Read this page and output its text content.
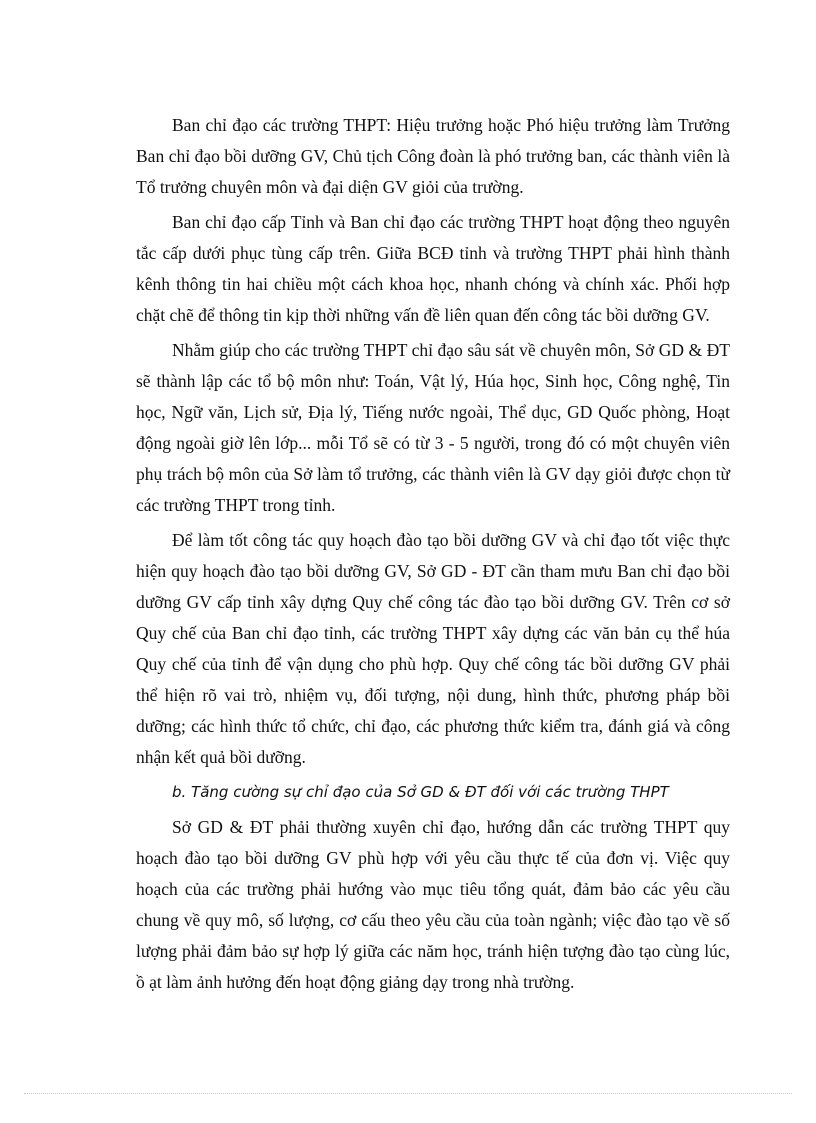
Ban chỉ đạo các trường THPT: Hiệu trưởng hoặc Phó hiệu trưởng làm Trưởng Ban chỉ đạo bồi dưỡng GV, Chủ tịch Công đoàn là phó trưởng ban, các thành viên là Tổ trưởng chuyên môn và đại diện GV giỏi của trường.

Ban chỉ đạo cấp Tỉnh và Ban chỉ đạo các trường THPT hoạt động theo nguyên tắc cấp dưới phục tùng cấp trên. Giữa BCĐ tỉnh và trường THPT phải hình thành kênh thông tin hai chiều một cách khoa học, nhanh chóng và chính xác. Phối hợp chặt chẽ để thông tin kịp thời những vấn đề liên quan đến công tác bồi dưỡng GV.

Nhằm giúp cho các trường THPT chỉ đạo sâu sát về chuyên môn, Sở GD & ĐT sẽ thành lập các tổ bộ môn như: Toán, Vật lý, Húa học, Sinh học, Công nghệ, Tin học, Ngữ văn, Lịch sử, Địa lý, Tiếng nước ngoài, Thể dục, GD Quốc phòng, Hoạt động ngoài giờ lên lớp... mỗi Tổ sẽ có từ 3 - 5 người, trong đó có một chuyên viên phụ trách bộ môn của Sở làm tổ trưởng, các thành viên là GV dạy giỏi được chọn từ các trường THPT trong tỉnh.

Để làm tốt công tác quy hoạch đào tạo bồi dưỡng GV và chỉ đạo tốt việc thực hiện quy hoạch đào tạo bồi dưỡng GV, Sở GD - ĐT cần tham mưu Ban chỉ đạo bồi dưỡng GV cấp tỉnh xây dựng Quy chế công tác đào tạo bồi dưỡng GV. Trên cơ sở Quy chế của Ban chỉ đạo tỉnh, các trường THPT xây dựng các văn bản cụ thể húa Quy chế của tỉnh để vận dụng cho phù hợp. Quy chế công tác bồi dưỡng GV phải thể hiện rõ vai trò, nhiệm vụ, đối tượng, nội dung, hình thức, phương pháp bồi dưỡng; các hình thức tổ chức, chỉ đạo, các phương thức kiểm tra, đánh giá và công nhận kết quả bồi dưỡng.

b. Tăng cường sự chỉ đạo của Sở GD & ĐT đối với các trường THPT

Sở GD & ĐT phải thường xuyên chỉ đạo, hướng dẫn các trường THPT quy hoạch đào tạo bồi dưỡng GV phù hợp với yêu cầu thực tế của đơn vị. Việc quy hoạch của các trường phải hướng vào mục tiêu tổng quát, đảm bảo các yêu cầu chung về quy mô, số lượng, cơ cấu theo yêu cầu của toàn ngành; việc đào tạo về số lượng phải đảm bảo sự hợp lý giữa các năm học, tránh hiện tượng đào tạo cùng lúc, ồ ạt làm ảnh hưởng đến hoạt động giảng dạy trong nhà trường.
